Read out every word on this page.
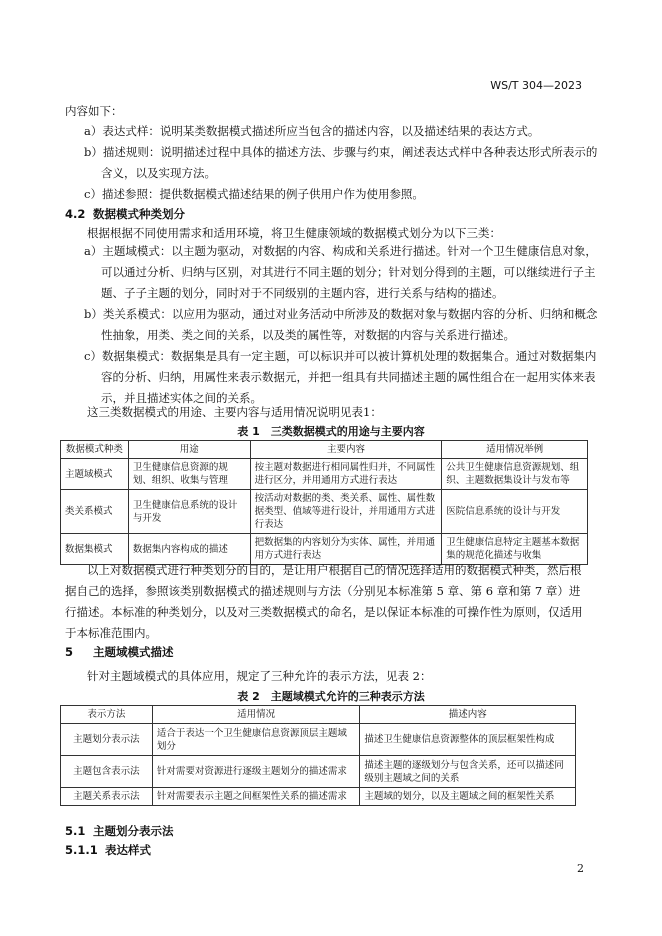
WS/T 304—2023
内容如下：
a）表达式样：说明某类数据模式描述所应当包含的描述内容，以及描述结果的表达方式。
b）描述规则：说明描述过程中具体的描述方法、步骤与约束，阐述表达式样中各种表达形式所表示的含义，以及实现方法。
c）描述参照：提供数据模式描述结果的例子供用户作为使用参照。
4.2 数据模式种类划分
根据根据不同使用需求和适用环境，将卫生健康领域的数据模式划分为以下三类：
a）主题域模式：以主题为驱动，对数据的内容、构成和关系进行描述。针对一个卫生健康信息对象，可以通过分析、归纳与区别，对其进行不同主题的划分；针对划分得到的主题，可以继续进行子主题、子子主题的划分，同时对于不同级别的主题内容，进行关系与结构的描述。
b）类关系模式：以应用为驱动，通过对业务活动中所涉及的数据对象与数据内容的分析、归纳和概念性抽象，用类、类之间的关系，以及类的属性等，对数据的内容与关系进行描述。
c）数据集模式：数据集是具有一定主题，可以标识并可以被计算机处理的数据集合。通过对数据集内容的分析、归纳，用属性来表示数据元，并把一组具有共同描述主题的属性组合在一起用实体来表示，并且描述实体之间的关系。
这三类数据模式的用途、主要内容与适用情况说明见表1：
表 1　三类数据模式的用途与主要内容
数据模式种类	用途	主要内容	适用情况举例
主题域模式	卫生健康信息资源的规划、组织、收集与管理	按主题对数据进行相同属性归并，不同属性进行区分，并用通用方式进行表达	公共卫生健康信息资源规划、组织、主题数据集设计与发布等
类关系模式	卫生健康信息系统的设计与开发	按活动对数据的类、类关系、属性、属性数据类型、值域等进行设计，并用通用方式进行表达	医院信息系统的设计与开发
数据集模式	数据集内容构成的描述	把数据集的内容划分为实体、属性，并用通用方式进行表达	卫生健康信息特定主题基本数据集的规范化描述与收集
以上对数据模式进行种类划分的目的，是让用户根据自己的情况选择适用的数据模式种类，然后根据自己的选择，参照该类别数据模式的描述规则与方法（分别见本标准第 5 章、第 6 章和第 7 章）进行描述。本标准的种类划分，以及对三类数据模式的命名，是以保证本标准的可操作性为原则，仅适用于本标准范围内。
5 主题域模式描述
针对主题域模式的具体应用，规定了三种允许的表示方法，见表 2：
表 2　主题域模式允许的三种表示方法
表示方法	适用情况	描述内容
主题划分表示法	适合于表达一个卫生健康信息资源顶层主题域划分	描述卫生健康信息资源整体的顶层框架性构成
主题包含表示法	针对需要对资源进行逐级主题划分的描述需求	描述主题的逐级划分与包含关系，还可以描述同级别主题域之间的关系
主题关系表示法	针对需要表示主题之间框架性关系的描述需求	主题域的划分，以及主题域之间的框架性关系
5.1 主题划分表示法
5.1.1 表达样式
2
